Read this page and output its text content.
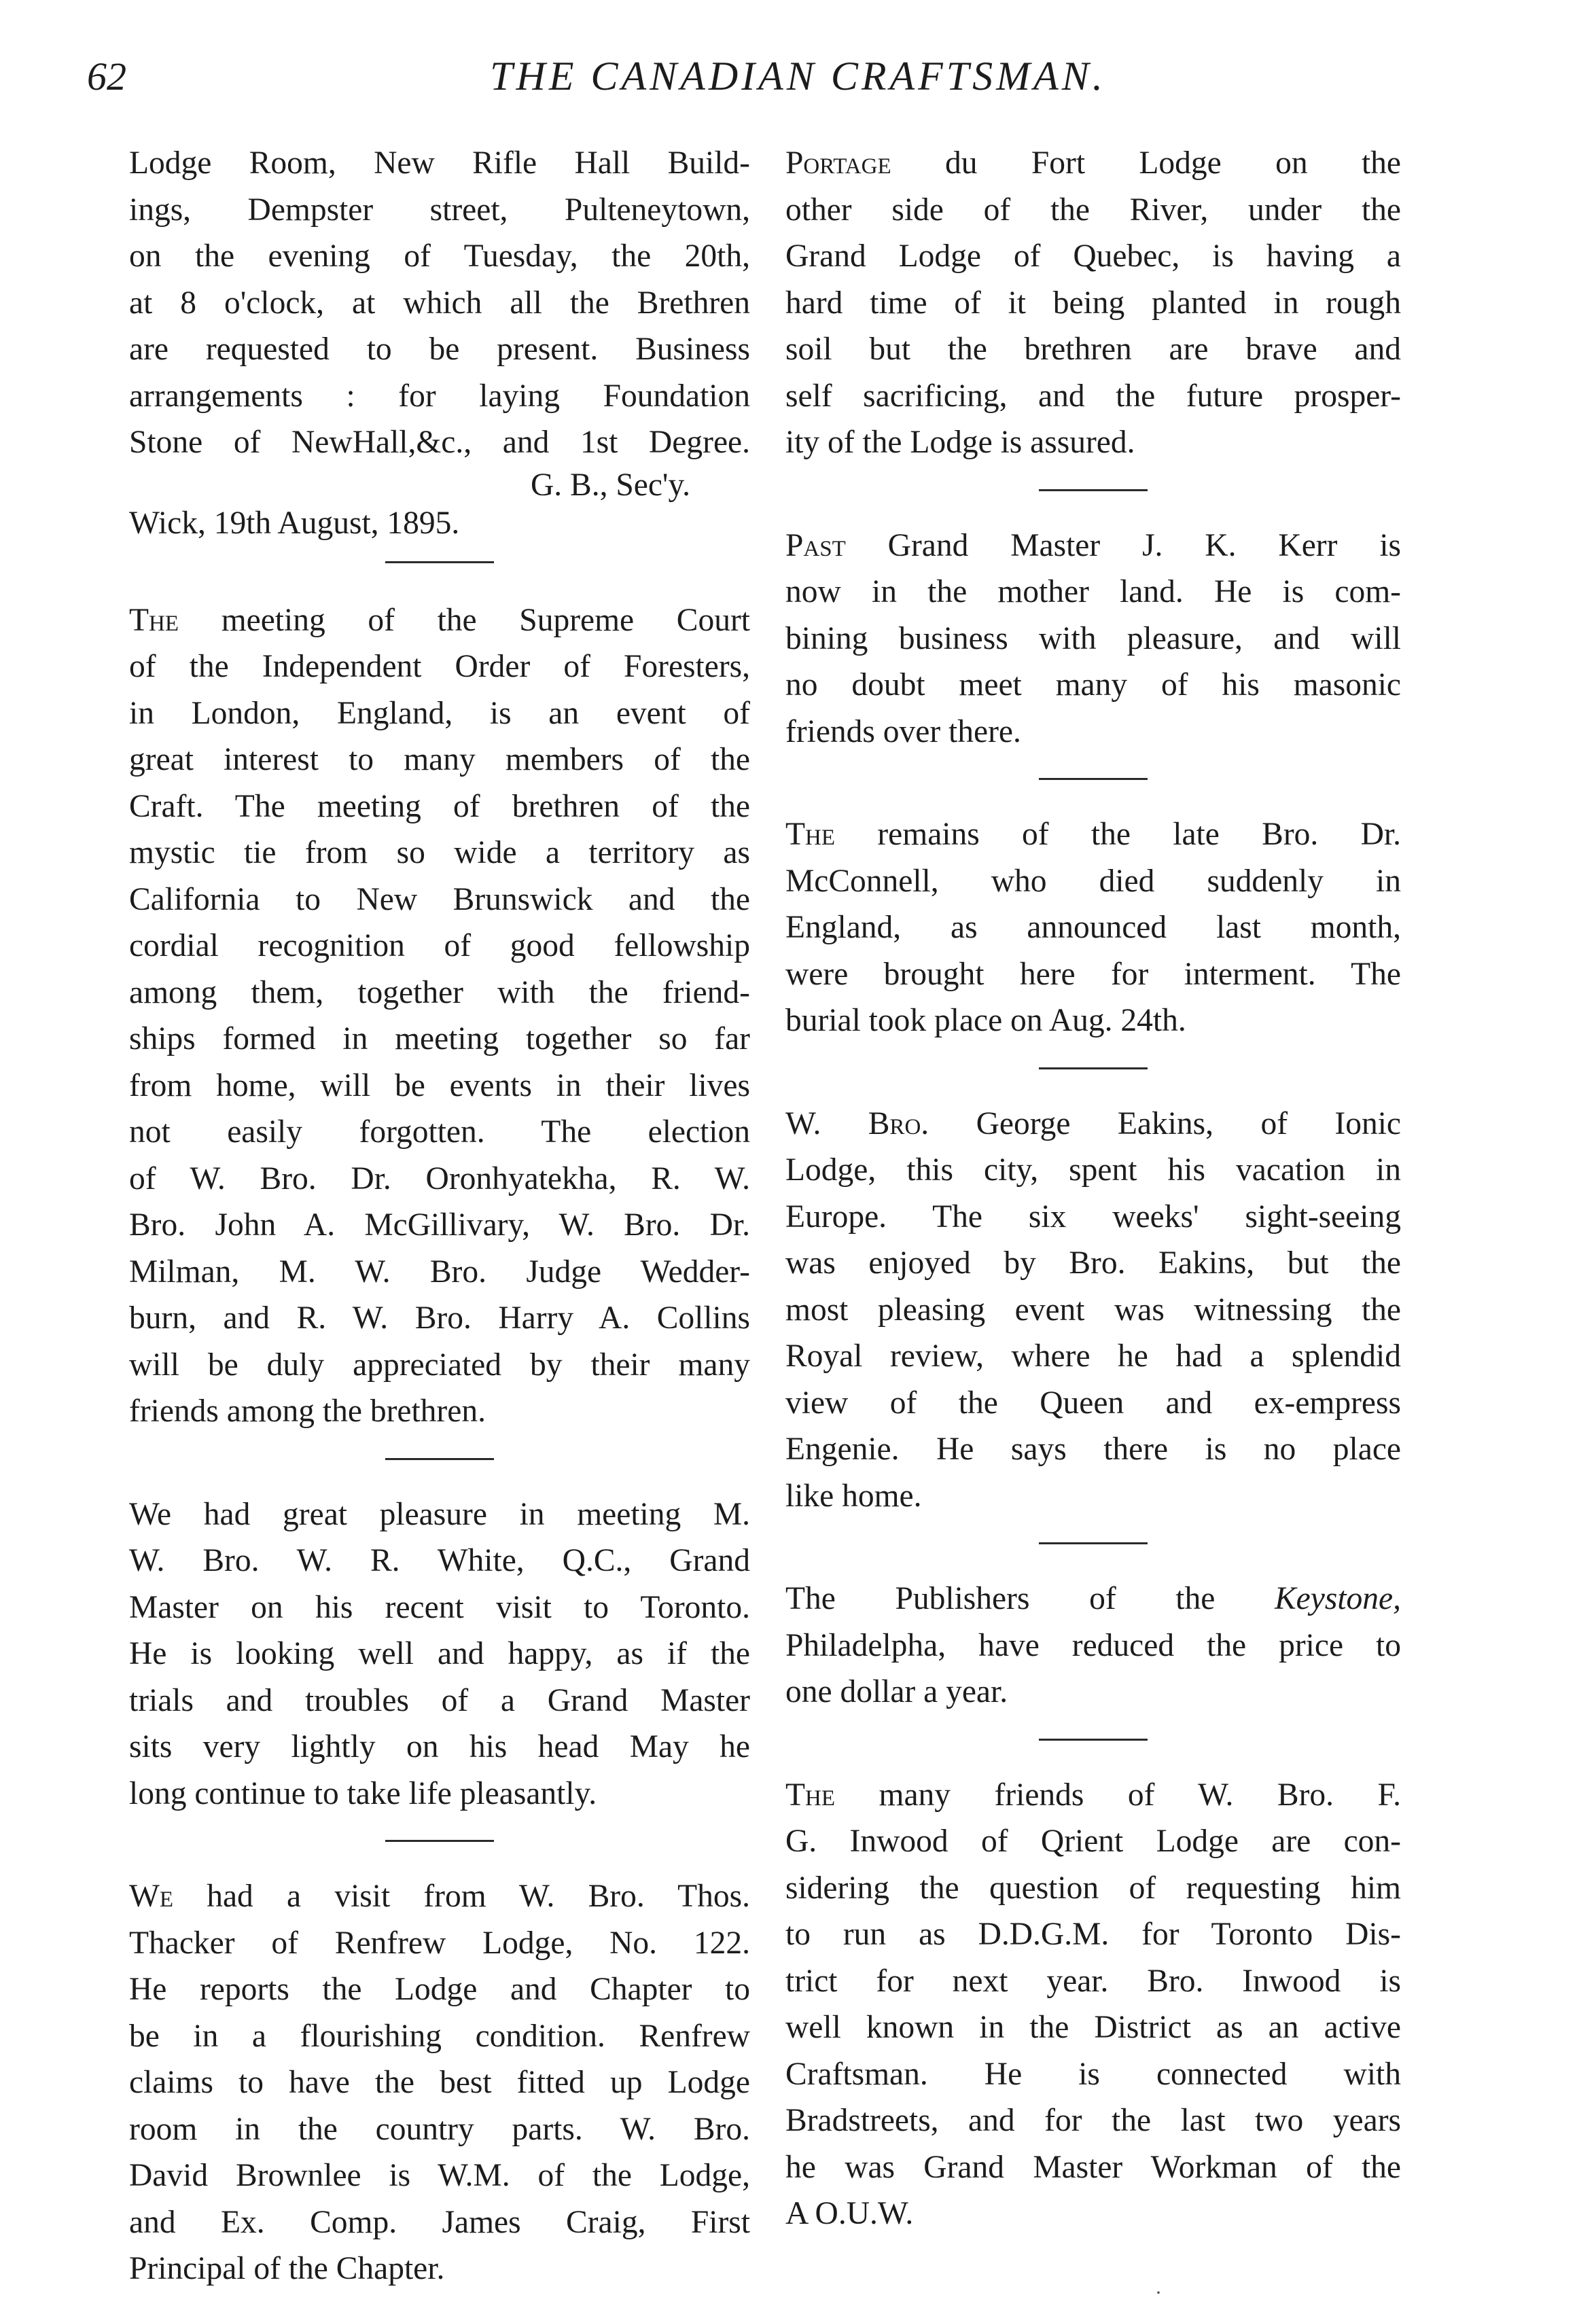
62	THE CANADIAN CRAFTSMAN.

Lodge Room, New Rifle Hall Build-
ings, Dempster street, Pulteneytown,
on the evening of Tuesday, the 20th,
at 8 o'clock, at which all the Brethren
are requested to be present. Business
arrangements : for laying Foundation
Stone of NewHall,&c., and 1st Degree.

G. B., Sec'y.
Wick, 19th August, 1895.

The meeting of the Supreme Court
of the Independent Order of Foresters,
in London, England, is an event of
great interest to many members of the
Craft. The meeting of brethren of the
mystic tie from so wide a territory as
California to New Brunswick and the
cordial recognition of good fellowship
among them, together with the friend-
ships formed in meeting together so far
from home, will be events in their lives
not easily forgotten. The election
of W. Bro. Dr. Oronhyatekha, R. W.
Bro. John A. McGillivary, W. Bro. Dr.
Milman, M. W. Bro. Judge Wedder-
burn, and R. W. Bro. Harry A. Collins
will be duly appreciated by their many
friends among the brethren.

We had great pleasure in meeting M.
W. Bro. W. R. White, Q.C., Grand
Master on his recent visit to Toronto.
He is looking well and happy, as if the
trials and troubles of a Grand Master
sits very lightly on his head May he
long continue to take life pleasantly.

We had a visit from W. Bro. Thos.
Thacker of Renfrew Lodge, No. 122.
He reports the Lodge and Chapter to
be in a flourishing condition. Renfrew
claims to have the best fitted up Lodge
room in the country parts. W. Bro.
David Brownlee is W.M. of the Lodge,
and Ex. Comp. James Craig, First
Principal of the Chapter.

Portage du Fort Lodge on the
other side of the River, under the
Grand Lodge of Quebec, is having a
hard time of it being planted in rough
soil but the brethren are brave and
self sacrificing, and the future prosper-
ity of the Lodge is assured.

Past Grand Master J. K. Kerr is
now in the mother land. He is com-
bining business with pleasure, and will
no doubt meet many of his masonic
friends over there.

The remains of the late Bro. Dr.
McConnell, who died suddenly in
England, as announced last month,
were brought here for interment. The
burial took place on Aug. 24th.

W. Bro. George Eakins, of Ionic
Lodge, this city, spent his vacation in
Europe. The six weeks' sight-seeing
was enjoyed by Bro. Eakins, but the
most pleasing event was witnessing the
Royal review, where he had a splendid
view of the Queen and ex-empress
Engenie. He says there is no place
like home.

The Publishers of the Keystone,
Philadelpha, have reduced the price to
one dollar a year.

The many friends of W. Bro. F.
G. Inwood of Qrient Lodge are con-
sidering the question of requesting him
to run as D.D.G.M. for Toronto Dis-
trict for next year. Bro. Inwood is
well known in the District as an active
Craftsman. He is connected with
Bradstreets, and for the last two years
he was Grand Master Workman of the
A O.U.W.

·
